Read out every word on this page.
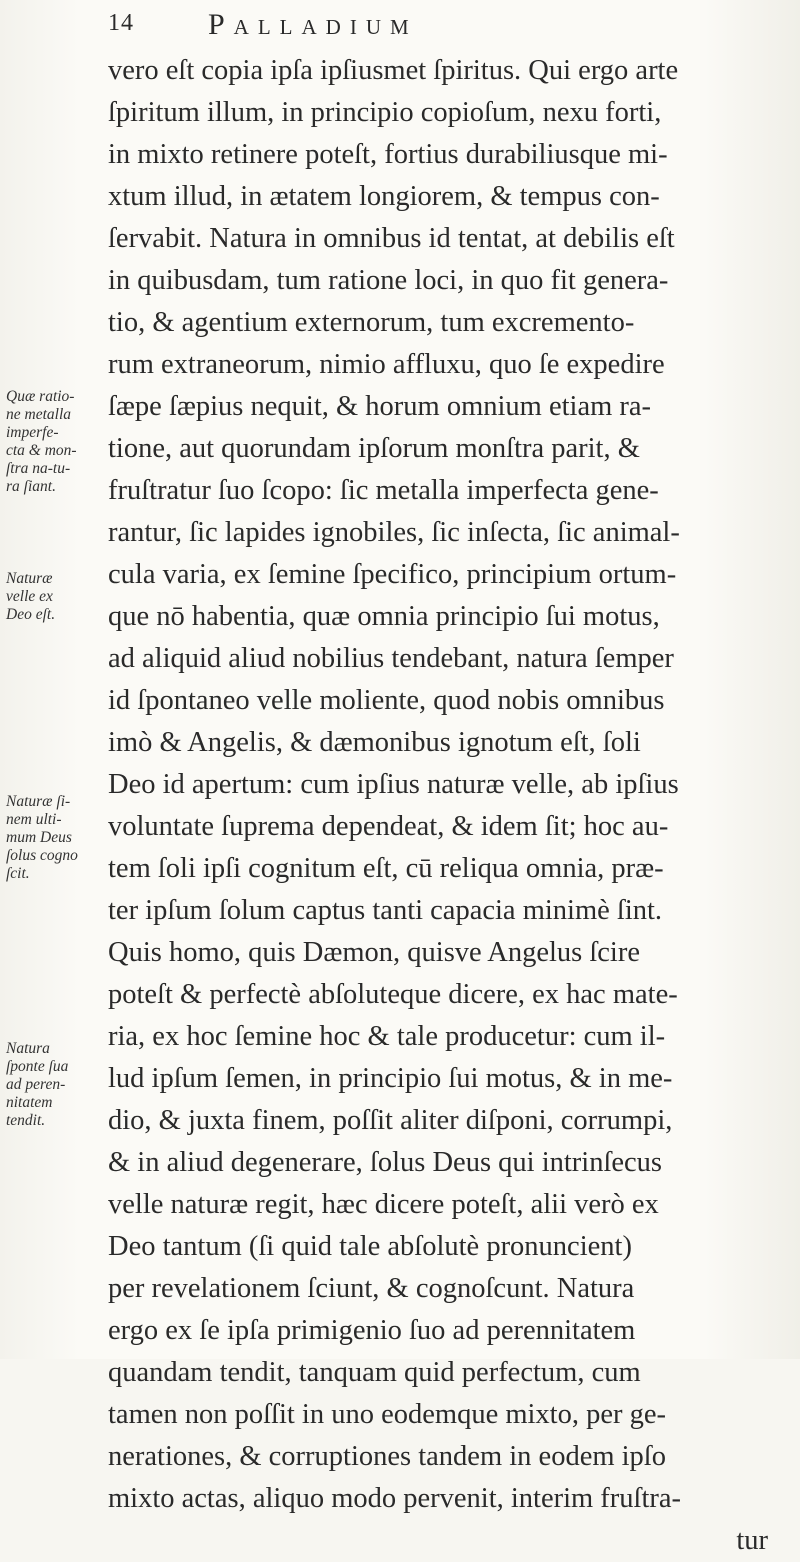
14 Palladium
vero eſt copia ipſa ipſiusmet ſpiritus. Qui ergo arte
ſpiritum illum, in principio copioſum, nexu forti,
in mixto retinere poteſt, fortius durabiliusque mi-
xtum illud, in ætatem longiorem, & tempus con-
ſervabit. Natura in omnibus id tentat, at debilis eſt
in quibusdam, tum ratione loci, in quo fit genera-
tio, & agentium externorum, tum excremento-
rum extraneorum, nimio affluxu, quo ſe expedire
ſæpe ſæpius nequit, & horum omnium etiam ra-
tione, aut quorundam ipſorum monſtra parit, &
fruſtratur ſuo ſcopo: ſic metalla imperfecta gene-
rantur, ſic lapides ignobiles, ſic inſecta, ſic animal-
cula varia, ex ſemine ſpecifico, principium ortum-
que nō habentia, quæ omnia principio ſui motus,
ad aliquid aliud nobilius tendebant, natura ſemper
id ſpontaneo velle moliente, quod nobis omnibus
imò & Angelis, & dæmonibus ignotum eſt, ſoli
Deo id apertum: cum ipſius naturæ velle, ab ipſius
voluntate ſuprema dependeat, & idem ſit; hoc au-
tem ſoli ipſi cognitum eſt, cū reliqua omnia, præ-
ter ipſum ſolum captus tanti capacia minimè ſint.
Quis homo, quis Dæmon, quisve Angelus ſcire
poteſt & perfectè abſoluteque dicere, ex hac mate-
ria, ex hoc ſemine hoc & tale producetur: cum il-
lud ipſum ſemen, in principio ſui motus, & in me-
dio, & juxta finem, poſſit aliter diſponi, corrumpi,
& in aliud degenerare, ſolus Deus qui intrinſecus
velle naturæ regit, hæc dicere poteſt, alii verò ex
Deo tantum (ſi quid tale abſolutè pronuncient)
per revelationem ſciunt, & cognoſcunt. Natura
ergo ex ſe ipſa primigenio ſuo ad perennitatem
quandam tendit, tanquam quid perfectum, cum
tamen non poſſit in uno eodemque mixto, per ge-
nerationes, & corruptiones tandem in eodem ipſo
mixto actas, aliquo modo pervenit, interim fruſtra-
tur
Quæ ratio-
ne metalla
imperfe-
cta & mon-
ſtra na-tu-
ra ſiant.
Naturæ
velle ex
Deo eſt.
Naturæ ſi-
nem ulti-
mum Deus
ſolus cogno
ſcit.
Natura
ſponte ſua
ad peren-
nitatem
tendit.
